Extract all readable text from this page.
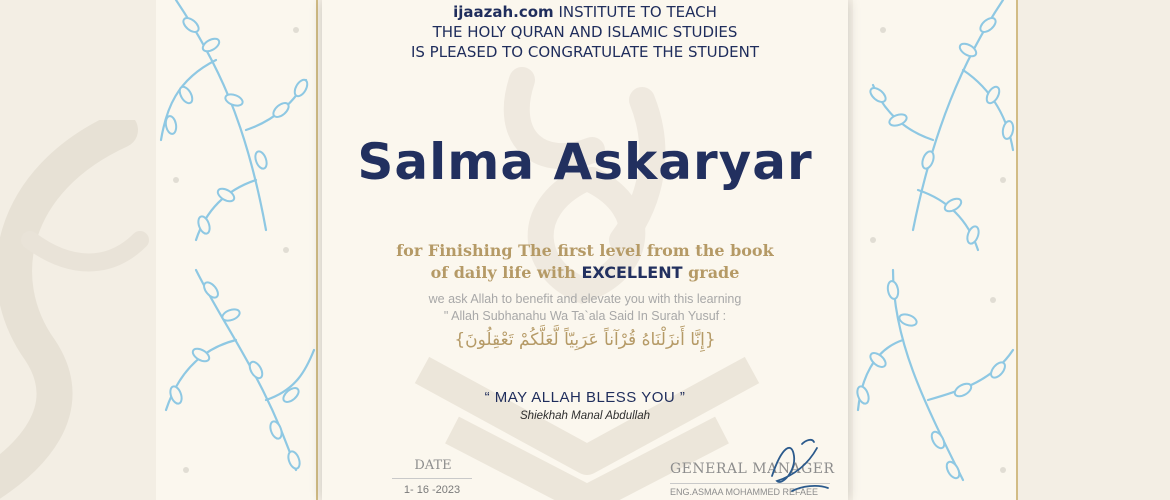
ijaazah.com INSTITUTE TO TEACH
THE HOLY QURAN AND ISLAMIC STUDIES
IS PLEASED TO CONGRATULATE THE STUDENT
Salma Askaryar
for Finishing The first level from the book
of daily life with EXCELLENT grade
we ask Allah to benefit and elevate you with this learning
" Allah Subhanahu Wa Ta`ala Said In Surah Yusuf :
{إِنَّا أَنزَلْنَاهُ قُرْآناً عَرَبِيّاً لَّعَلَّكُمْ تَعْقِلُونَ}
“ MAY ALLAH BLESS YOU ”
Shiekhah Manal Abdullah
DATE
1- 16 -2023
GENERAL MANAGER
ENG.ASMAA MOHAMMED REFAEE
